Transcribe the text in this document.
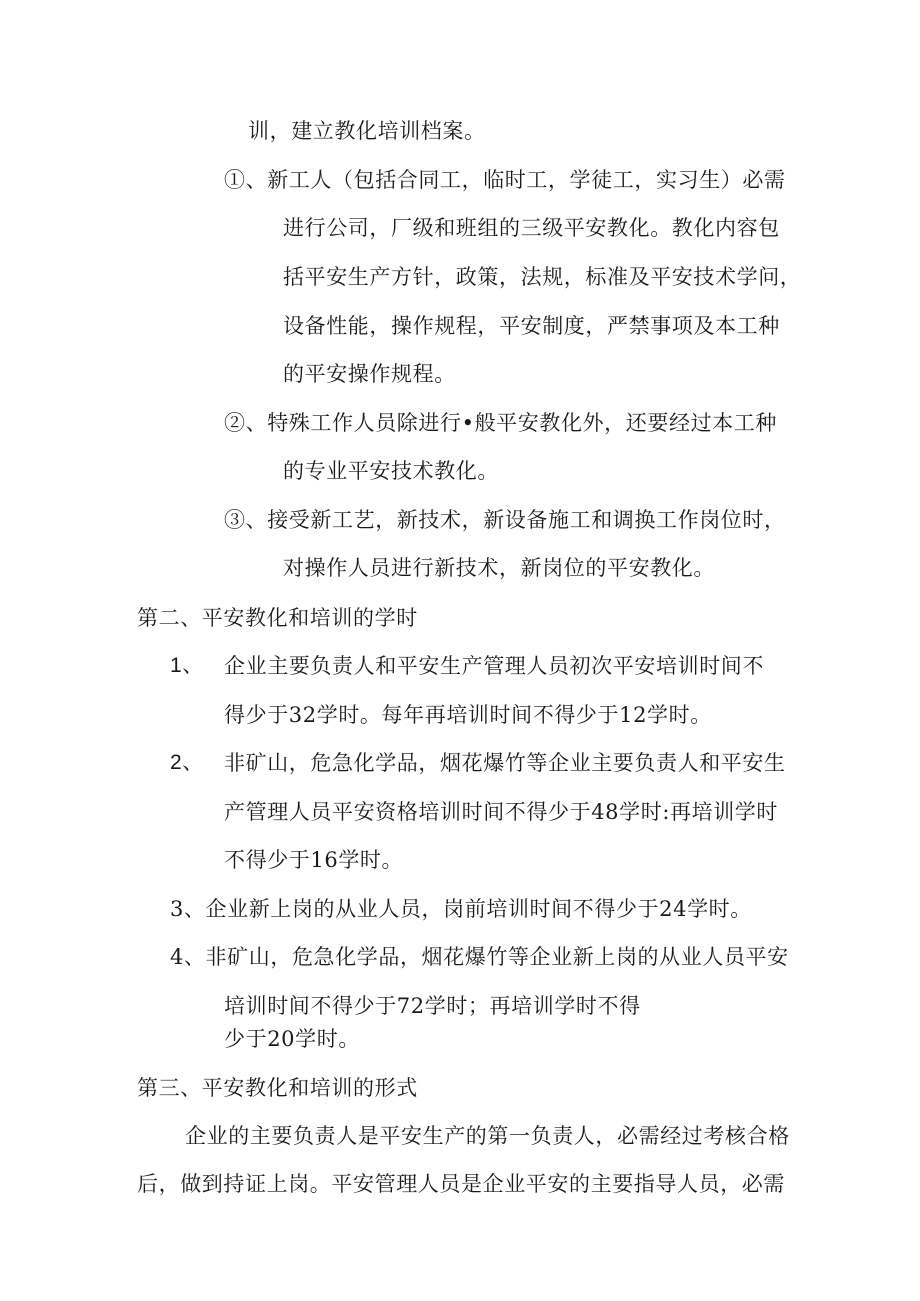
训，建立教化培训档案。
①、新工人（包括合同工，临时工，学徒工，实习生）必需
进行公司，厂级和班组的三级平安教化。教化内容包
括平安生产方针，政策，法规，标准及平安技术学问，
设备性能，操作规程，平安制度，严禁事项及本工种
的平安操作规程。
②、特殊工作人员除进行•般平安教化外，还要经过本工种
的专业平安技术教化。
③、接受新工艺，新技术，新设备施工和调换工作岗位时，
对操作人员进行新技术，新岗位的平安教化。
第二、平安教化和培训的学时
1、 企业主要负责人和平安生产管理人员初次平安培训时间不
得少于32学时。每年再培训时间不得少于12学时。
2、 非矿山，危急化学品，烟花爆竹等企业主要负责人和平安生
产管理人员平安资格培训时间不得少于48学时:再培训学时
不得少于16学时。
3、企业新上岗的从业人员，岗前培训时间不得少于24学时。
4、非矿山，危急化学品，烟花爆竹等企业新上岗的从业人员平安
培训时间不得少于72学时；再培训学时不得
少于20学时。
第三、平安教化和培训的形式
企业的主要负责人是平安生产的第一负责人，必需经过考核合格
后，做到持证上岗。平安管理人员是企业平安的主要指导人员，必需
